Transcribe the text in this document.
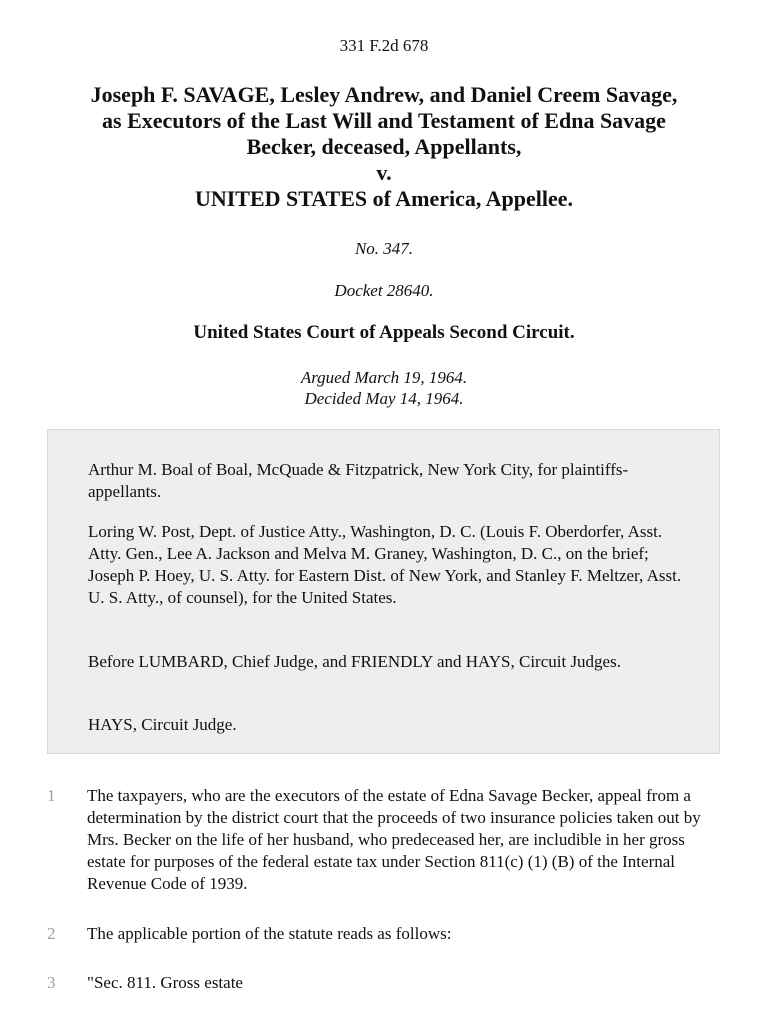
331 F.2d 678
Joseph F. SAVAGE, Lesley Andrew, and Daniel Creem Savage,
as Executors of the Last Will and Testament of Edna Savage
Becker, deceased, Appellants,
v.
UNITED STATES of America, Appellee.
No. 347.
Docket 28640.
United States Court of Appeals Second Circuit.
Argued March 19, 1964.
Decided May 14, 1964.

Arthur M. Boal of Boal, McQuade & Fitzpatrick, New York City, for plaintiffs-appellants.

Loring W. Post, Dept. of Justice Atty., Washington, D. C. (Louis F. Oberdorfer, Asst. Atty. Gen., Lee A. Jackson and Melva M. Graney, Washington, D. C., on the brief; Joseph P. Hoey, U. S. Atty. for Eastern Dist. of New York, and Stanley F. Meltzer, Asst. U. S. Atty., of counsel), for the United States.

Before LUMBARD, Chief Judge, and FRIENDLY and HAYS, Circuit Judges.

HAYS, Circuit Judge.

1 The taxpayers, who are the executors of the estate of Edna Savage Becker, appeal from a determination by the district court that the proceeds of two insurance policies taken out by Mrs. Becker on the life of her husband, who predeceased her, are includible in her gross estate for purposes of the federal estate tax under Section 811(c) (1) (B) of the Internal Revenue Code of 1939.
2 The applicable portion of the statute reads as follows:
3 "Sec. 811. Gross estate
